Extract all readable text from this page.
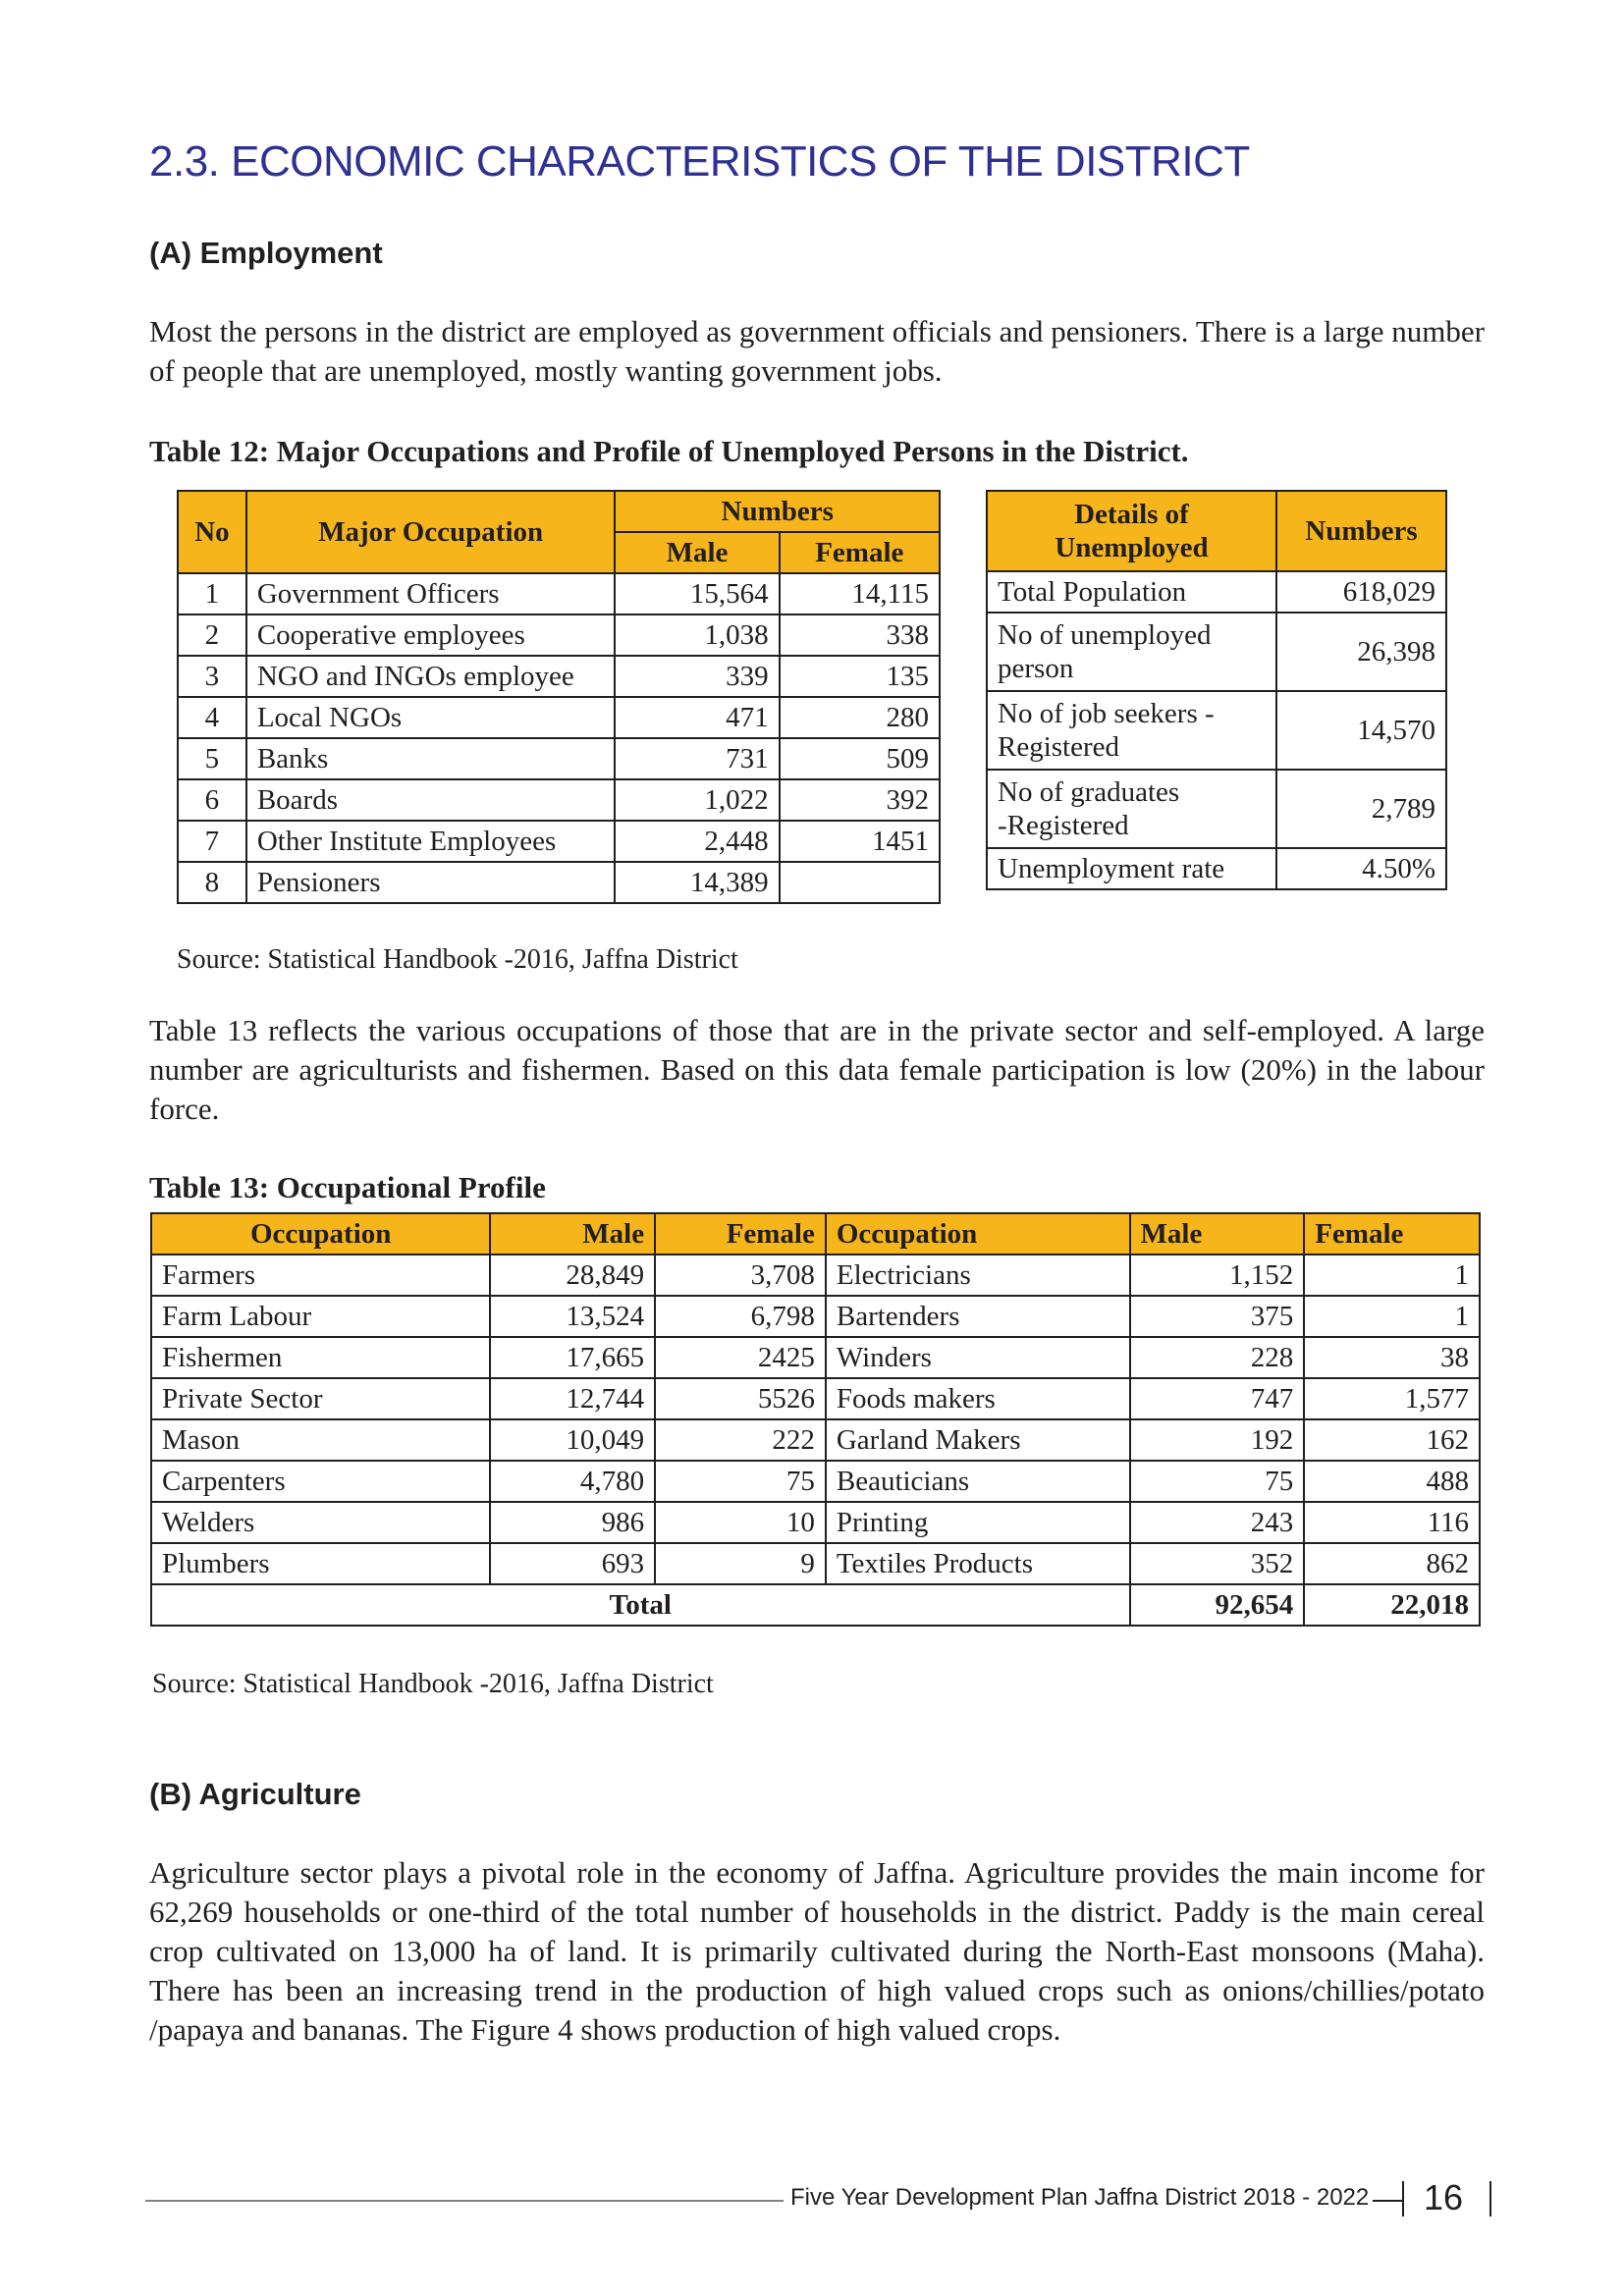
2.3. ECONOMIC CHARACTERISTICS OF THE DISTRICT
(A) Employment

Most the persons in the district are employed as government officials and pensioners. There is a large number of people that are unemployed, mostly wanting government jobs.

Table 12: Major Occupations and Profile of Unemployed Persons in the District.

No	Major Occupation	Numbers	
		Male	Female
1	Government Officers	15,564	14,115
2	Cooperative employees	1,038	338
3	NGO and INGOs employee	339	135
4	Local NGOs	471	280
5	Banks	731	509
6	Boards	1,022	392
7	Other Institute Employees	2,448	1451
8	Pensioners	14,389	
Details of
Unemployed	Numbers
Total Population	618,029
No of unemployed
person	26,398
No of job seekers -
Registered	14,570
No of graduates
-Registered	2,789
Unemployment rate	4.50%

Source: Statistical Handbook -2016, Jaffna District

Table 13 reflects the various occupations of those that are in the private sector and self-employed. A large number are agriculturists and fishermen. Based on this data female participation is low (20%) in the labour force.

Table 13: Occupational Profile

Occupation	Male	Female	Occupation	Male	Female
Farmers	28,849	3,708	Electricians	1,152	1
Farm Labour	13,524	6,798	Bartenders	375	1
Fishermen	17,665	2425	Winders	228	38
Private Sector	12,744	5526	Foods makers	747	1,577
Mason	10,049	222	Garland Makers	192	162
Carpenters	4,780	75	Beauticians	75	488
Welders	986	10	Printing	243	116
Plumbers	693	9	Textiles Products	352	862
Total				92,654	22,018

Source: Statistical Handbook -2016, Jaffna District

(B) Agriculture

Agriculture sector plays a pivotal role in the economy of Jaffna. Agriculture provides the main income for 62,269 households or one-third of the total number of households in the district. Paddy is the main cereal crop cultivated on 13,000 ha of land. It is primarily cultivated during the North-East monsoons (Maha). There has been an increasing trend in the production of high valued crops such as onions/chillies/potato /papaya and bananas. The Figure 4 shows production of high valued crops.

Five Year Development Plan Jaffna District 2018 - 2022 16
